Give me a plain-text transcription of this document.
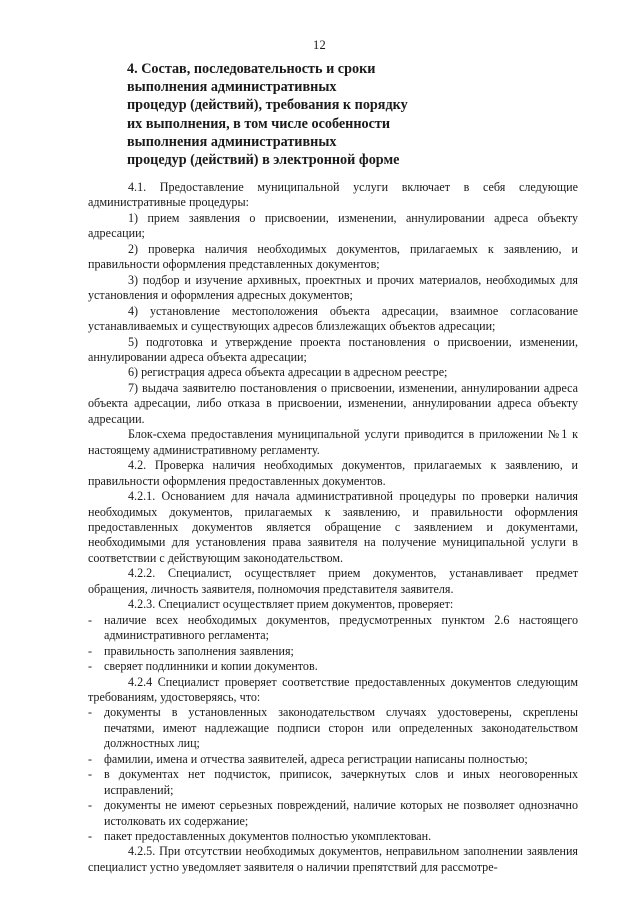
12
4. Состав, последовательность и сроки
выполнения административных
процедур (действий), требования к порядку
их выполнения, в том числе особенности
выполнения административных
процедур (действий) в электронной форме

4.1. Предоставление муниципальной услуги включает в себя следующие административные процедуры:

1) прием заявления о присвоении, изменении, аннулировании адреса объекту адресации;

2) проверка наличия необходимых документов, прилагаемых к заявлению, и правильности оформления представленных документов;

3) подбор и изучение архивных, проектных и прочих материалов, необходимых для установления и оформления адресных документов;

4) установление местоположения объекта адресации, взаимное согласование устанавливаемых и существующих адресов близлежащих объектов адресации;

5) подготовка и утверждение проекта постановления о присвоении, изменении, аннулировании адреса объекта адресации;

6) регистрация адреса объекта адресации в адресном реестре;

7) выдача заявителю постановления о присвоении, изменении, аннулировании адреса объекта адресации, либо отказа в присвоении, изменении, аннулировании адреса объекту адресации.

Блок-схема предоставления муниципальной услуги приводится в приложении №1 к настоящему административному регламенту.

4.2. Проверка наличия необходимых документов, прилагаемых к заявлению, и правильности оформления предоставленных документов.

4.2.1. Основанием для начала административной процедуры по проверки наличия необходимых документов, прилагаемых к заявлению, и правильности оформления предоставленных документов является обращение с заявлением и документами, необходимыми для установления права заявителя на получение муниципальной услуги в соответствии с действующим законодательством.

4.2.2. Специалист, осуществляет прием документов, устанавливает предмет обращения, личность заявителя, полномочия представителя заявителя.

4.2.3. Специалист осуществляет прием документов, проверяет:

- наличие всех необходимых документов, предусмотренных пунктом 2.6 настоящего административного регламента;

- правильность заполнения заявления;

- сверяет подлинники и копии документов.

4.2.4 Специалист проверяет соответствие предоставленных документов следующим требованиям, удостоверяясь, что:

- документы в установленных законодательством случаях удостоверены, скреплены печатями, имеют надлежащие подписи сторон или определенных законодательством должностных лиц;

- фамилии, имена и отчества заявителей, адреса регистрации написаны полностью;

- в документах нет подчисток, приписок, зачеркнутых слов и иных неоговоренных исправлений;

- документы не имеют серьезных повреждений, наличие которых не позволяет однозначно истолковать их содержание;

- пакет предоставленных документов полностью укомплектован.

4.2.5. При отсутствии необходимых документов, неправильном заполнении заявления специалист устно уведомляет заявителя о наличии препятствий для рассмотре-
